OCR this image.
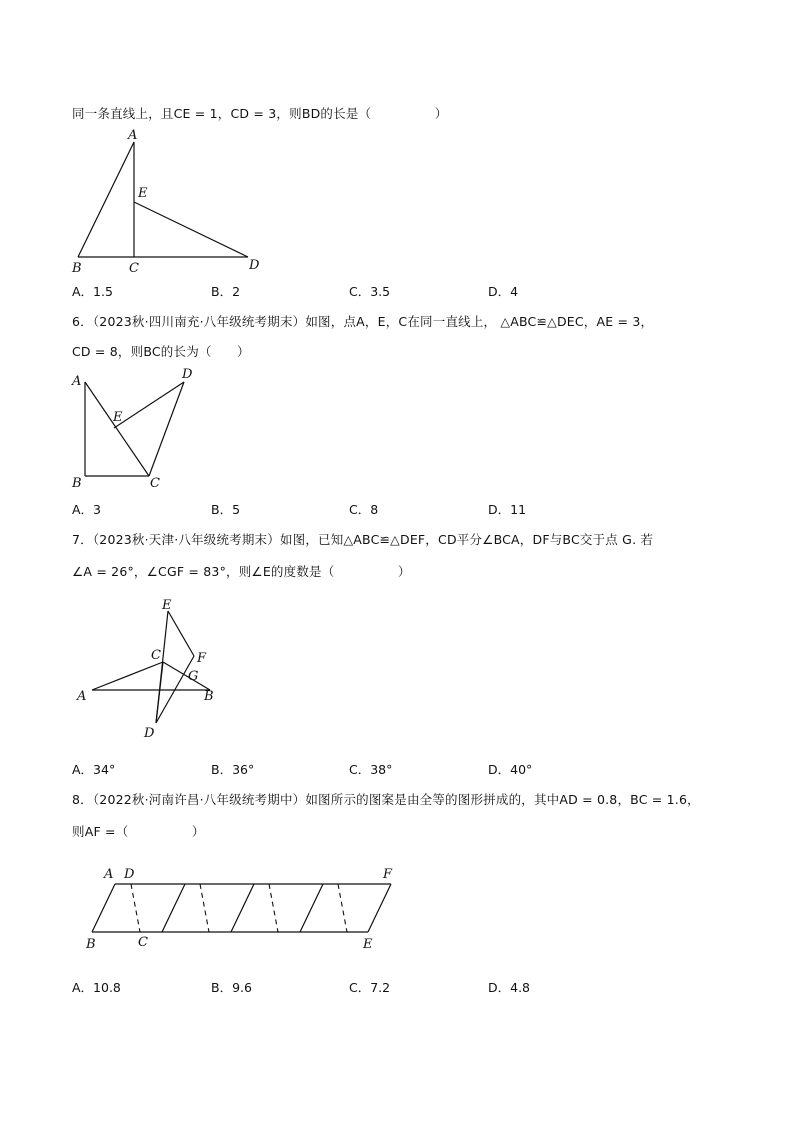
同一条直线上，且CE = 1，CD = 3，则BD的长是（　　　　　）
A
E
B	C	D
A．1.5	B．2	C．3.5	D．4
6．（2023秋·四川南充·八年级统考期末）如图，点A，E，C在同一直线上， △ABC≌△DEC，AE = 3，
CD = 8，则BC的长为（　　）
A	D
E
B	C
A．3	B．5	C．8	D．11
7．（2023秋·天津·八年级统考期末）如图，已知△ABC≌△DEF，CD平分∠BCA，DF与BC交于点 G. 若
∠A = 26°，∠CGF = 83°，则∠E的度数是（　　　　　）
E
C	F
G
A	B
D
A．34°	B．36°	C．38°	D．40°
8．（2022秋·河南许昌·八年级统考期中）如图所示的图案是由全等的图形拼成的，其中AD = 0.8，BC = 1.6，
则AF =（　　　　　）
A D	F
B	C	E
A．10.8	B．9.6	C．7.2	D．4.8
